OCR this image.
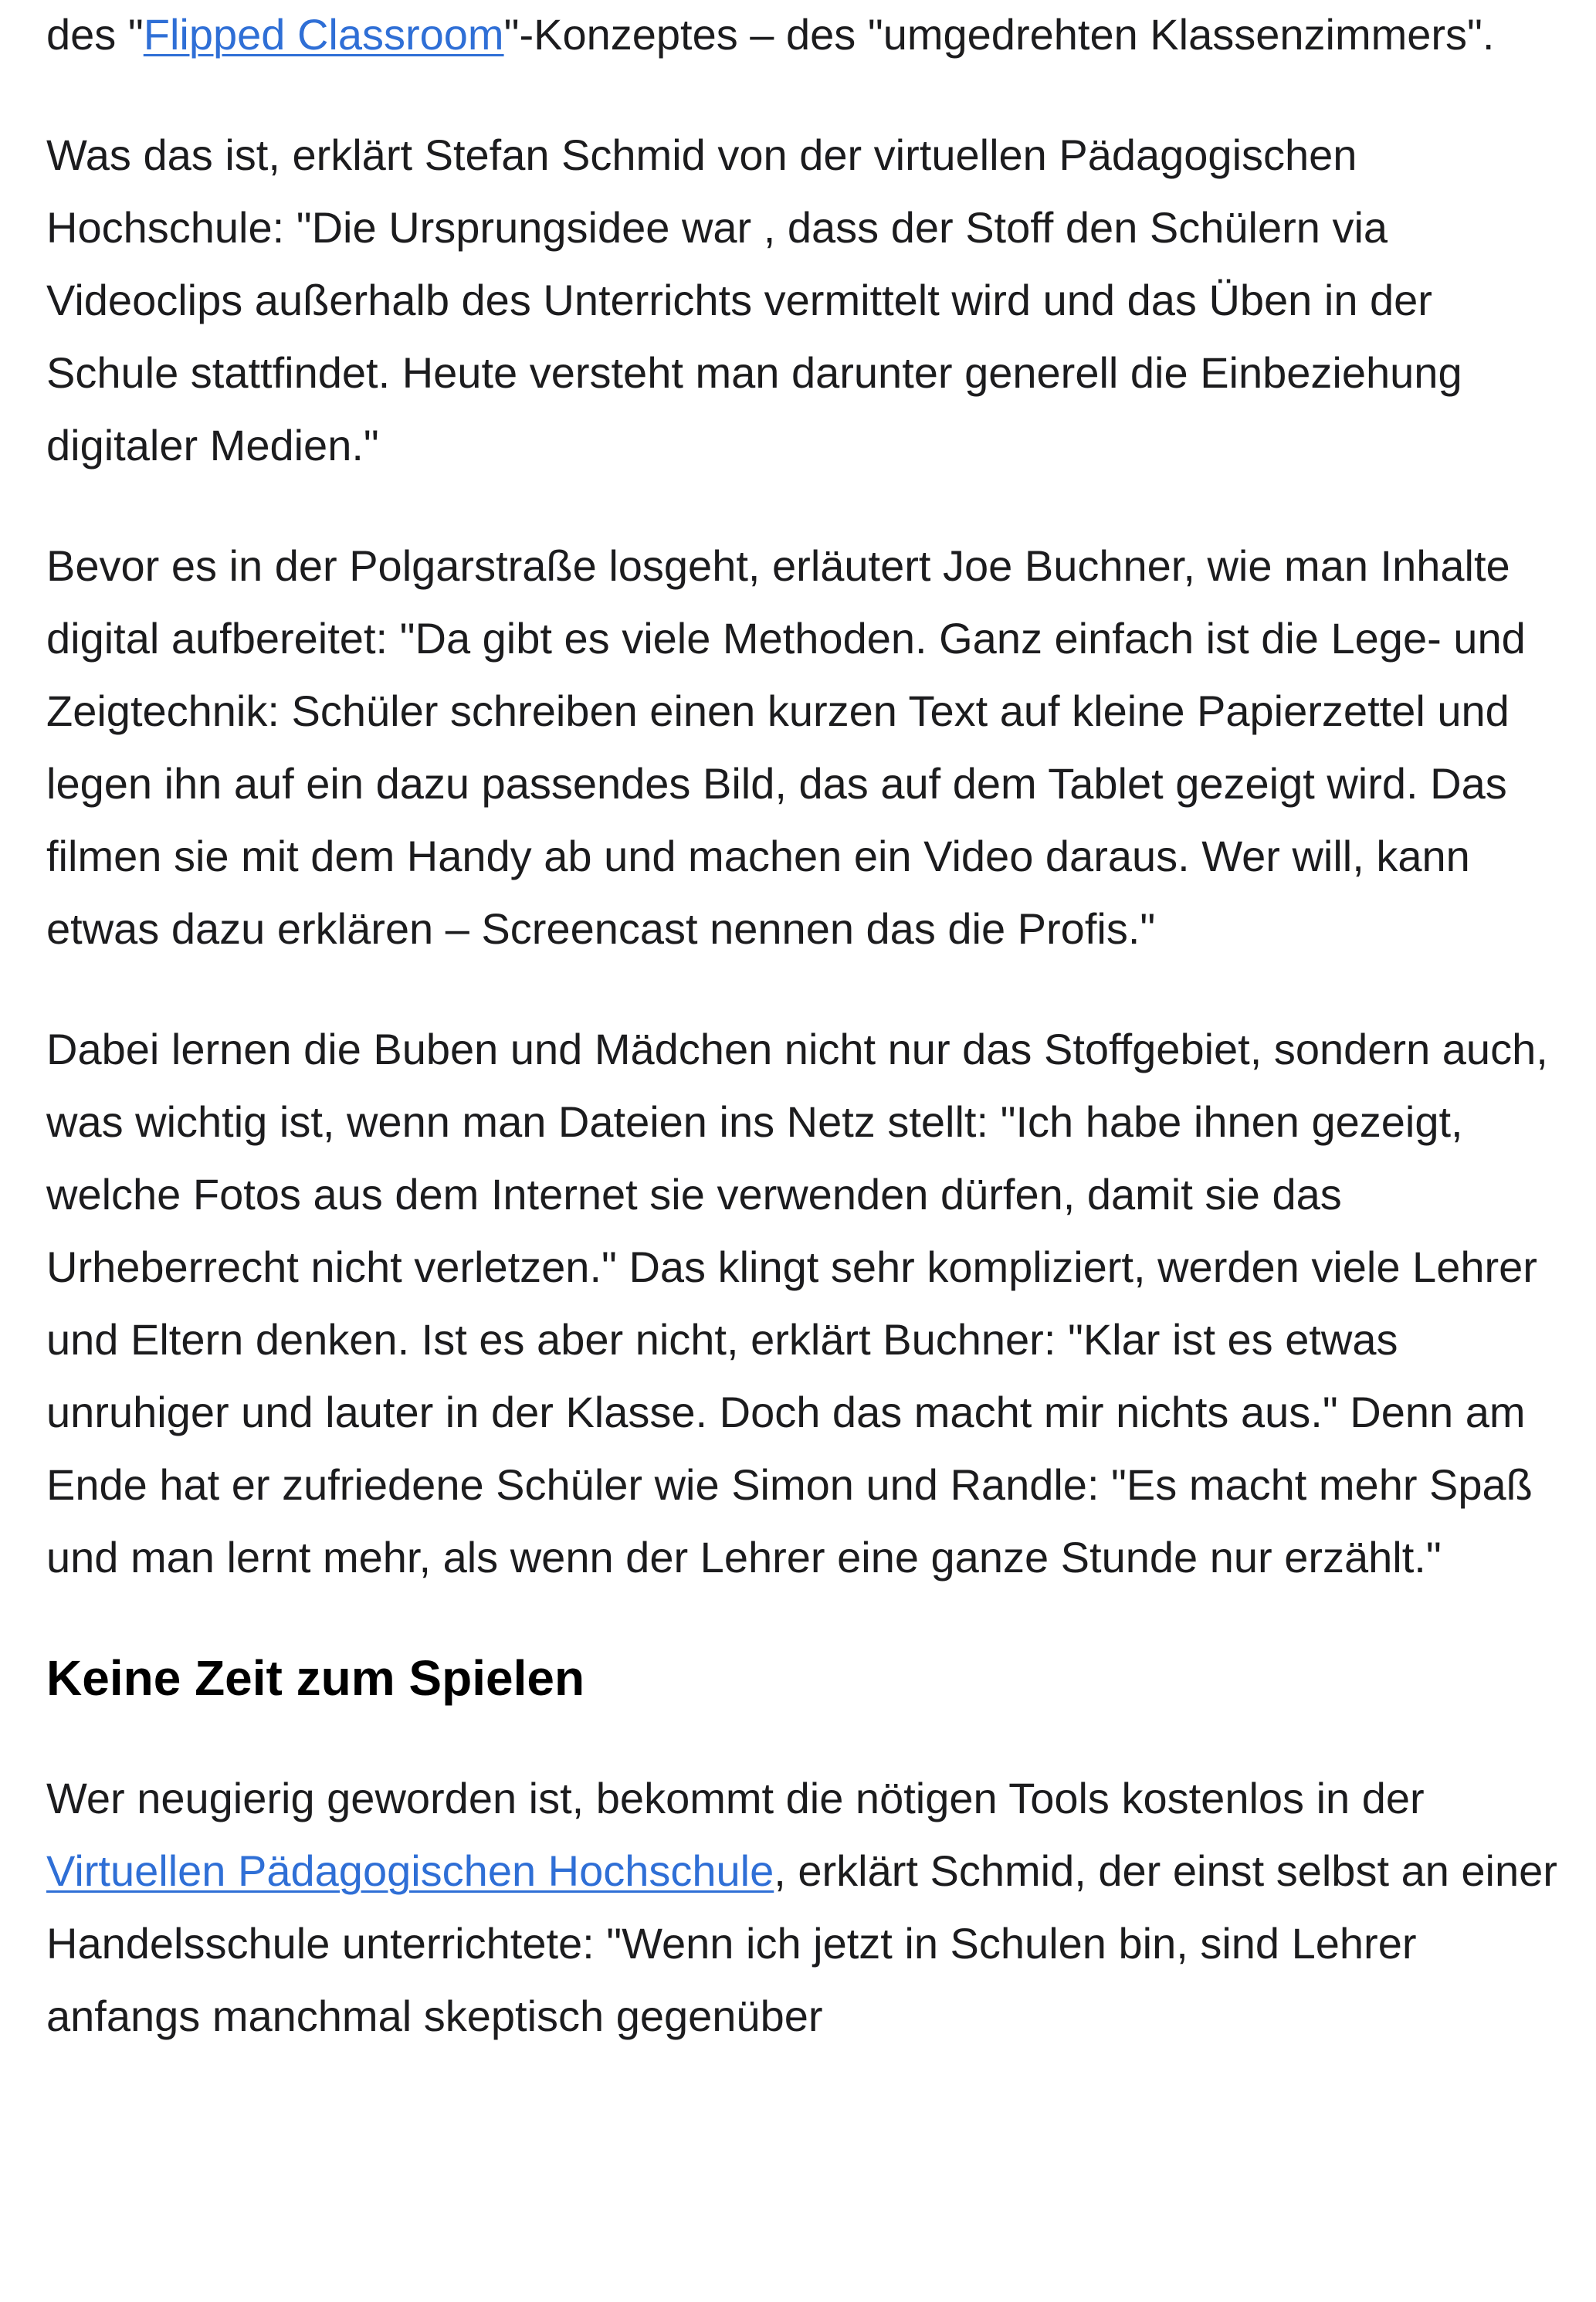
des "Flipped Classroom"-Konzeptes – des "umgedrehten Klassenzimmers".

Was das ist, erklärt Stefan Schmid von der virtuellen Pädagogischen Hochschule: "Die Ursprungsidee war , dass der Stoff den Schülern via Videoclips außerhalb des Unterrichts vermittelt wird und das Üben in der Schule stattfindet. Heute versteht man darunter generell die Einbeziehung digitaler Medien."

Bevor es in der Polgarstraße losgeht, erläutert Joe Buchner, wie man Inhalte digital aufbereitet: "Da gibt es viele Methoden. Ganz einfach ist die Lege- und Zeigtechnik: Schüler schreiben einen kurzen Text auf kleine Papierzettel und legen ihn auf ein dazu passendes Bild, das auf dem Tablet gezeigt wird. Das filmen sie mit dem Handy ab und machen ein Video daraus. Wer will, kann etwas dazu erklären – Screencast nennen das die Profis."

Dabei lernen die Buben und Mädchen nicht nur das Stoffgebiet, sondern auch, was wichtig ist, wenn man Dateien ins Netz stellt: "Ich habe ihnen gezeigt, welche Fotos aus dem Internet sie verwenden dürfen, damit sie das Urheberrecht nicht verletzen." Das klingt sehr kompliziert, werden viele Lehrer und Eltern denken. Ist es aber nicht, erklärt Buchner: "Klar ist es etwas unruhiger und lauter in der Klasse. Doch das macht mir nichts aus." Denn am Ende hat er zufriedene Schüler wie Simon und Randle: "Es macht mehr Spaß und man lernt mehr, als wenn der Lehrer eine ganze Stunde nur erzählt."

Keine Zeit zum Spielen

Wer neugierig geworden ist, bekommt die nötigen Tools kostenlos in der Virtuellen Pädagogischen Hochschule, erklärt Schmid, der einst selbst an einer Handelsschule unterrichtete: "Wenn ich jetzt in Schulen bin, sind Lehrer anfangs manchmal skeptisch gegenüber
